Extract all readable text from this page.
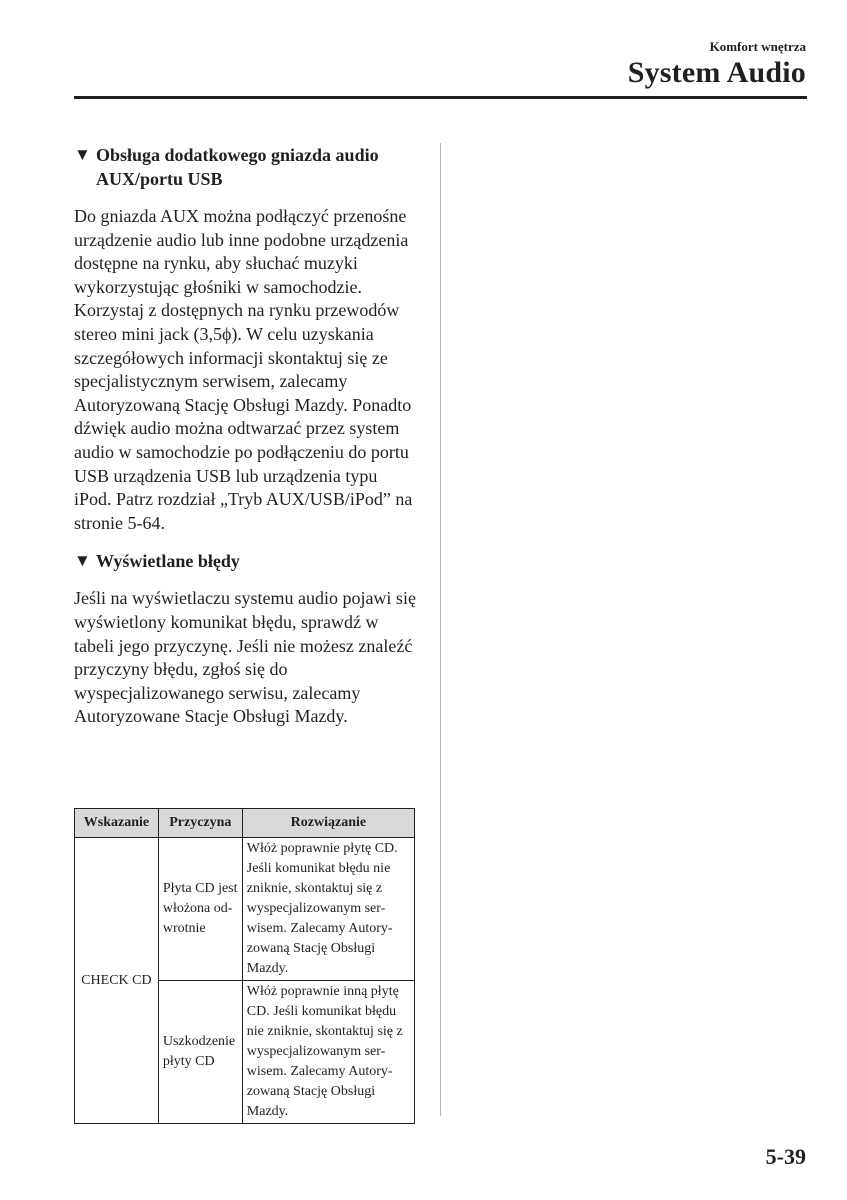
Komfort wnętrza
System Audio
▼ Obsługa dodatkowego gniazda audio AUX/portu USB

Do gniazda AUX można podłączyć przenośne urządzenie audio lub inne podobne urządzenia dostępne na rynku, aby słuchać muzyki wykorzystując głośniki w samochodzie. Korzystaj z dostępnych na rynku przewodów stereo mini jack (3,5ϕ). W celu uzyskania szczegółowych informacji skontaktuj się ze specjalistycznym serwisem, zalecamy Autoryzowaną Stację Obsługi Mazdy. Ponadto dźwięk audio można odtwarzać przez system audio w samochodzie po podłączeniu do portu USB urządzenia USB lub urządzenia typu iPod. Patrz rozdział „Tryb AUX/USB/iPod” na stronie 5-64.

▼ Wyświetlane błędy

Jeśli na wyświetlaczu systemu audio pojawi się wyświetlony komunikat błędu, sprawdź w tabeli jego przyczynę. Jeśli nie możesz znaleźć przyczyny błędu, zgłoś się do wyspecjalizowanego serwisu, zalecamy Autoryzowane Stacje Obsługi Mazdy.

Wskazanie	Przyczyna	Rozwiązanie
CHECK CD	Płyta CD jest włożona od-wrotnie	Włóż poprawnie płytę CD. Jeśli komunikat błędu nie zniknie, skontaktuj się z wyspecjalizowanym ser-wisem. Zalecamy Autory-zowaną Stację Obsługi Mazdy.
	Uszkodzenie płyty CD	Włóż poprawnie inną płytę CD. Jeśli komunikat błędu nie zniknie, skontaktuj się z wyspecjalizowanym ser-wisem. Zalecamy Autory-zowaną Stację Obsługi Mazdy.
5-39
